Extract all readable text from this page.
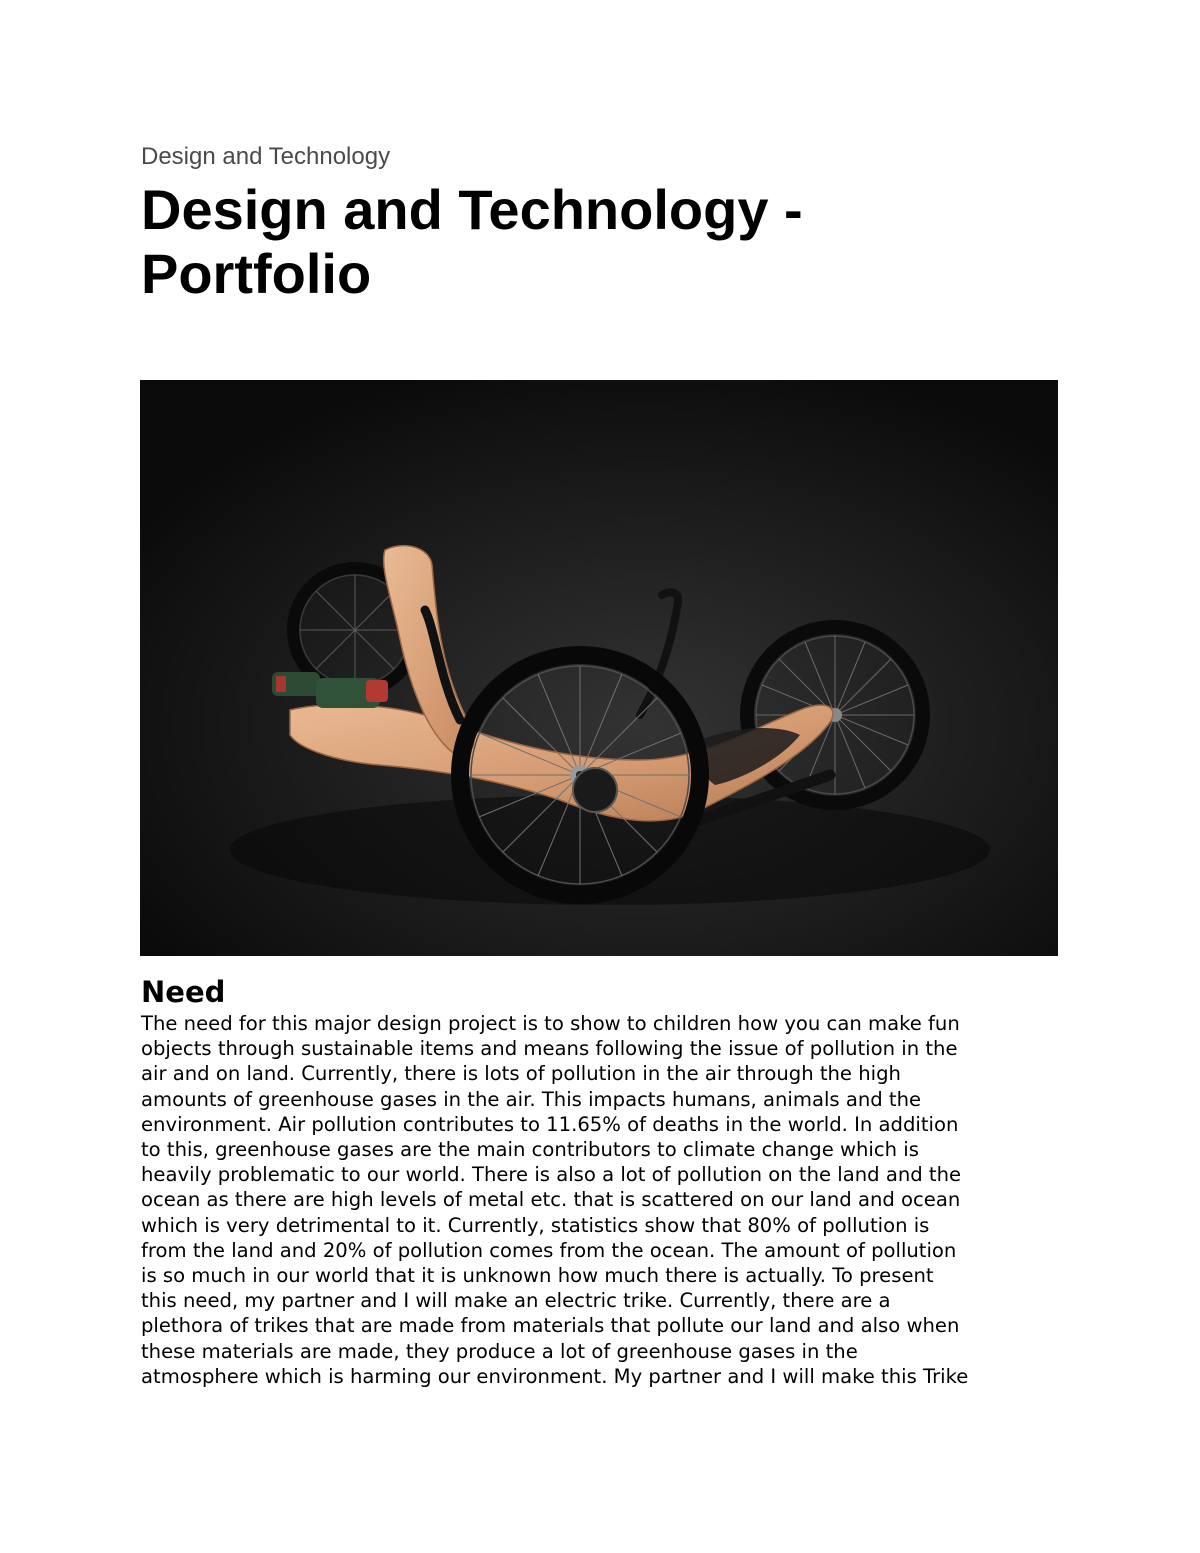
Design and Technology
Design and Technology -
Portfolio
Need

The need for this major design project is to show to children how you can make fun
objects through sustainable items and means following the issue of pollution in the
air and on land. Currently, there is lots of pollution in the air through the high
amounts of greenhouse gases in the air. This impacts humans, animals and the
environment. Air pollution contributes to 11.65% of deaths in the world. In addition
to this, greenhouse gases are the main contributors to climate change which is
heavily problematic to our world. There is also a lot of pollution on the land and the
ocean as there are high levels of metal etc. that is scattered on our land and ocean
which is very detrimental to it. Currently, statistics show that 80% of pollution is
from the land and 20% of pollution comes from the ocean. The amount of pollution
is so much in our world that it is unknown how much there is actually. To present
this need, my partner and I will make an electric trike. Currently, there are a
plethora of trikes that are made from materials that pollute our land and also when
these materials are made, they produce a lot of greenhouse gases in the
atmosphere which is harming our environment. My partner and I will make this Trike
